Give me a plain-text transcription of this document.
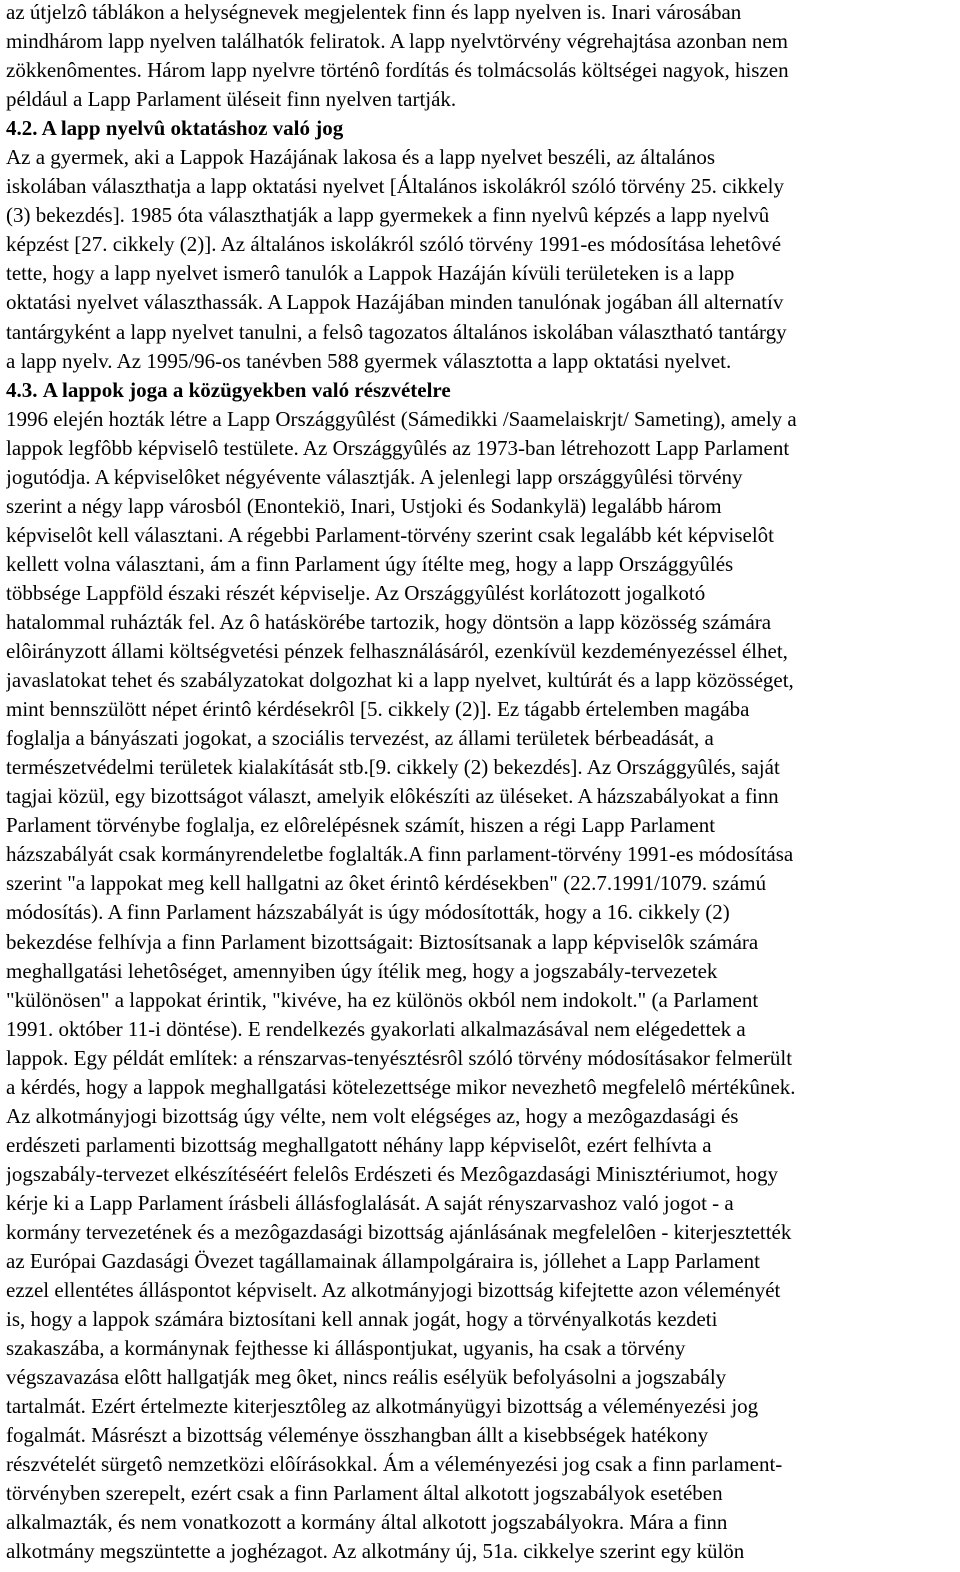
az útjelzô táblákon a helységnevek megjelentek finn és lapp nyelven is. Inari városában
mindhárom lapp nyelven találhatók feliratok. A lapp nyelvtörvény végrehajtása azonban nem
zökkenômentes. Három lapp nyelvre történô fordítás és tolmácsolás költségei nagyok, hiszen
például a Lapp Parlament üléseit finn nyelven tartják.
4.2. A lapp nyelvû oktatáshoz való jog
Az a gyermek, aki a Lappok Hazájának lakosa és a lapp nyelvet beszéli, az általános
iskolában választhatja a lapp oktatási nyelvet [Általános iskolákról szóló törvény 25. cikkely
(3) bekezdés]. 1985 óta választhatják a lapp gyermekek a finn nyelvû képzés a lapp nyelvû
képzést [27. cikkely (2)]. Az általános iskolákról szóló törvény 1991-es módosítása lehetôvé
tette, hogy a lapp nyelvet ismerô tanulók a Lappok Hazáján kívüli területeken is a lapp
oktatási nyelvet választhassák. A Lappok Hazájában minden tanulónak jogában áll alternatív
tantárgyként a lapp nyelvet tanulni, a felsô tagozatos általános iskolában választható tantárgy
a lapp nyelv. Az 1995/96-os tanévben 588 gyermek választotta a lapp oktatási nyelvet.
4.3. A lappok joga a közügyekben való részvételre
1996 elején hozták létre a Lapp Országgyûlést (Sámedikki /Saamelaiskrjt/ Sameting), amely a
lappok legfôbb képviselô testülete. Az Országgyûlés az 1973-ban létrehozott Lapp Parlament
jogutódja. A képviselôket négyévente választják. A jelenlegi lapp országgyûlési törvény
szerint a négy lapp városból (Enontekiö, Inari, Ustjoki és Sodankylä) legalább három
képviselôt kell választani. A régebbi Parlament-törvény szerint csak legalább két képviselôt
kellett volna választani, ám a finn Parlament úgy ítélte meg, hogy a lapp Országgyûlés
többsége Lappföld északi részét képviselje. Az Országgyûlést korlátozott jogalkotó
hatalommal ruházták fel. Az ô hatáskörébe tartozik, hogy döntsön a lapp közösség számára
elôirányzott állami költségvetési pénzek felhasználásáról, ezenkívül kezdeményezéssel élhet,
javaslatokat tehet és szabályzatokat dolgozhat ki a lapp nyelvet, kultúrát és a lapp közösséget,
mint bennszülött népet érintô kérdésekrôl [5. cikkely (2)]. Ez tágabb értelemben magába
foglalja a bányászati jogokat, a szociális tervezést, az állami területek bérbeadását, a
természetvédelmi területek kialakítását stb.[9. cikkely (2) bekezdés]. Az Országgyûlés, saját
tagjai közül, egy bizottságot választ, amelyik elôkészíti az üléseket. A házszabályokat a finn
Parlament törvénybe foglalja, ez elôrelépésnek számít, hiszen a régi Lapp Parlament
házszabályát csak kormányrendeletbe foglalták.A finn parlament-törvény 1991-es módosítása
szerint "a lappokat meg kell hallgatni az ôket érintô kérdésekben" (22.7.1991/1079. számú
módosítás). A finn Parlament házszabályát is úgy módosították, hogy a 16. cikkely (2)
bekezdése felhívja a finn Parlament bizottságait: Biztosítsanak a lapp képviselôk számára
meghallgatási lehetôséget, amennyiben úgy ítélik meg, hogy a jogszabály-tervezetek
"különösen" a lappokat érintik, "kivéve, ha ez különös okból nem indokolt." (a Parlament
1991. október 11-i döntése). E rendelkezés gyakorlati alkalmazásával nem elégedettek a
lappok. Egy példát említek: a rénszarvas-tenyésztésrôl szóló törvény módosításakor felmerült
a kérdés, hogy a lappok meghallgatási kötelezettsége mikor nevezhetô megfelelô mértékûnek.
Az alkotmányjogi bizottság úgy vélte, nem volt elégséges az, hogy a mezôgazdasági és
erdészeti parlamenti bizottság meghallgatott néhány lapp képviselôt, ezért felhívta a
jogszabály-tervezet elkészítéséért felelôs Erdészeti és Mezôgazdasági Minisztériumot, hogy
kérje ki a Lapp Parlament írásbeli állásfoglalását. A saját rényszarvashoz való jogot - a
kormány tervezetének és a mezôgazdasági bizottság ajánlásának megfelelôen - kiterjesztették
az Európai Gazdasági Övezet tagállamainak állampolgáraira is, jóllehet a Lapp Parlament
ezzel ellentétes álláspontot képviselt. Az alkotmányjogi bizottság kifejtette azon véleményét
is, hogy a lappok számára biztosítani kell annak jogát, hogy a törvényalkotás kezdeti
szakaszába, a kormánynak fejthesse ki álláspontjukat, ugyanis, ha csak a törvény
végszavazása elôtt hallgatják meg ôket, nincs reális esélyük befolyásolni a jogszabály
tartalmát. Ezért értelmezte kiterjesztôleg az alkotmányügyi bizottság a véleményezési jog
fogalmát. Másrészt a bizottság véleménye összhangban állt a kisebbségek hatékony
részvételét sürgetô nemzetközi elôírásokkal. Ám a véleményezési jog csak a finn parlament-
törvényben szerepelt, ezért csak a finn Parlament által alkotott jogszabályok esetében
alkalmazták, és nem vonatkozott a kormány által alkotott jogszabályokra. Mára a finn
alkotmány megszüntette a joghézagot. Az alkotmány új, 51a. cikkelye szerint egy külön
